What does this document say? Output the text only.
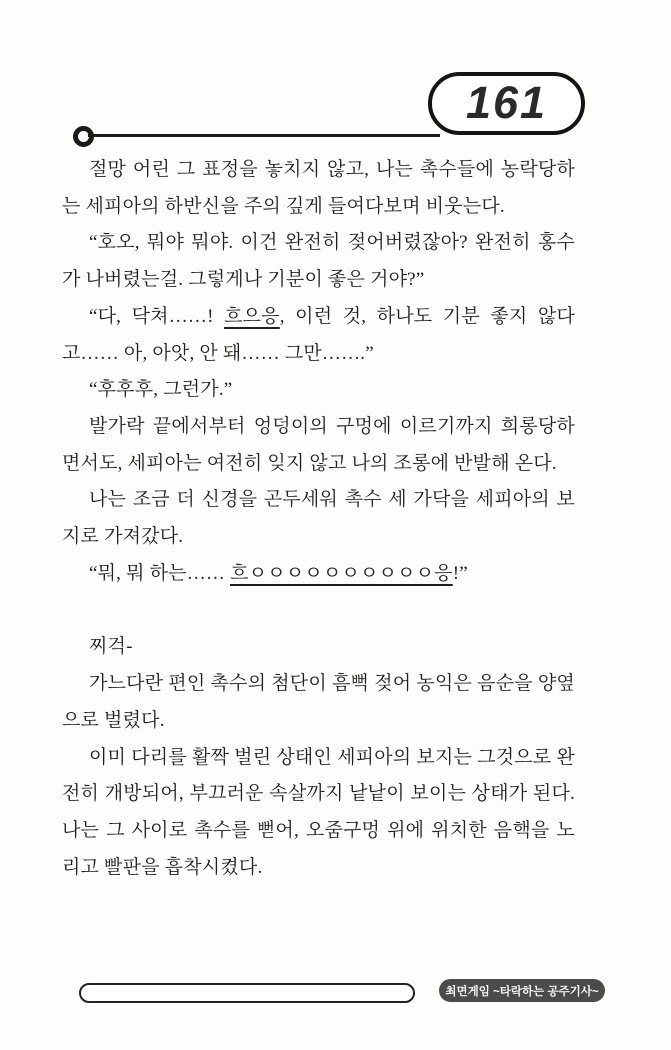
161

절망 어린 그 표정을 놓치지 않고, 나는 촉수들에 농락당하는 세피아의 하반신을 주의 깊게 들여다보며 비웃는다.

“호오, 뭐야 뭐야. 이건 완전히 젖어버렸잖아? 완전히 홍수가 나버렸는걸. 그렇게나 기분이 좋은 거야?”

“다, 닥쳐……! 흐으응, 이런 것, 하나도 기분 좋지 않다고…… 아, 아앗, 안 돼…… 그만…….”

“후후후, 그런가.”

발가락 끝에서부터 엉덩이의 구멍에 이르기까지 희롱당하면서도, 세피아는 여전히 잊지 않고 나의 조롱에 반발해 온다.

나는 조금 더 신경을 곤두세워 촉수 세 가닥을 세피아의 보지로 가져갔다.

“뭐, 뭐 하는…… 흐ㅇㅇㅇㅇㅇㅇㅇㅇㅇㅇ응!”

찌걱-

가느다란 편인 촉수의 첨단이 흠뻑 젖어 농익은 음순을 양옆으로 벌렸다.

이미 다리를 활짝 벌린 상태인 세피아의 보지는 그것으로 완전히 개방되어, 부끄러운 속살까지 낱낱이 보이는 상태가 된다. 나는 그 사이로 촉수를 뻗어, 오줌구멍 위에 위치한 음핵을 노리고 빨판을 흡착시켰다.

최면게임 ~타락하는 공주기사~
